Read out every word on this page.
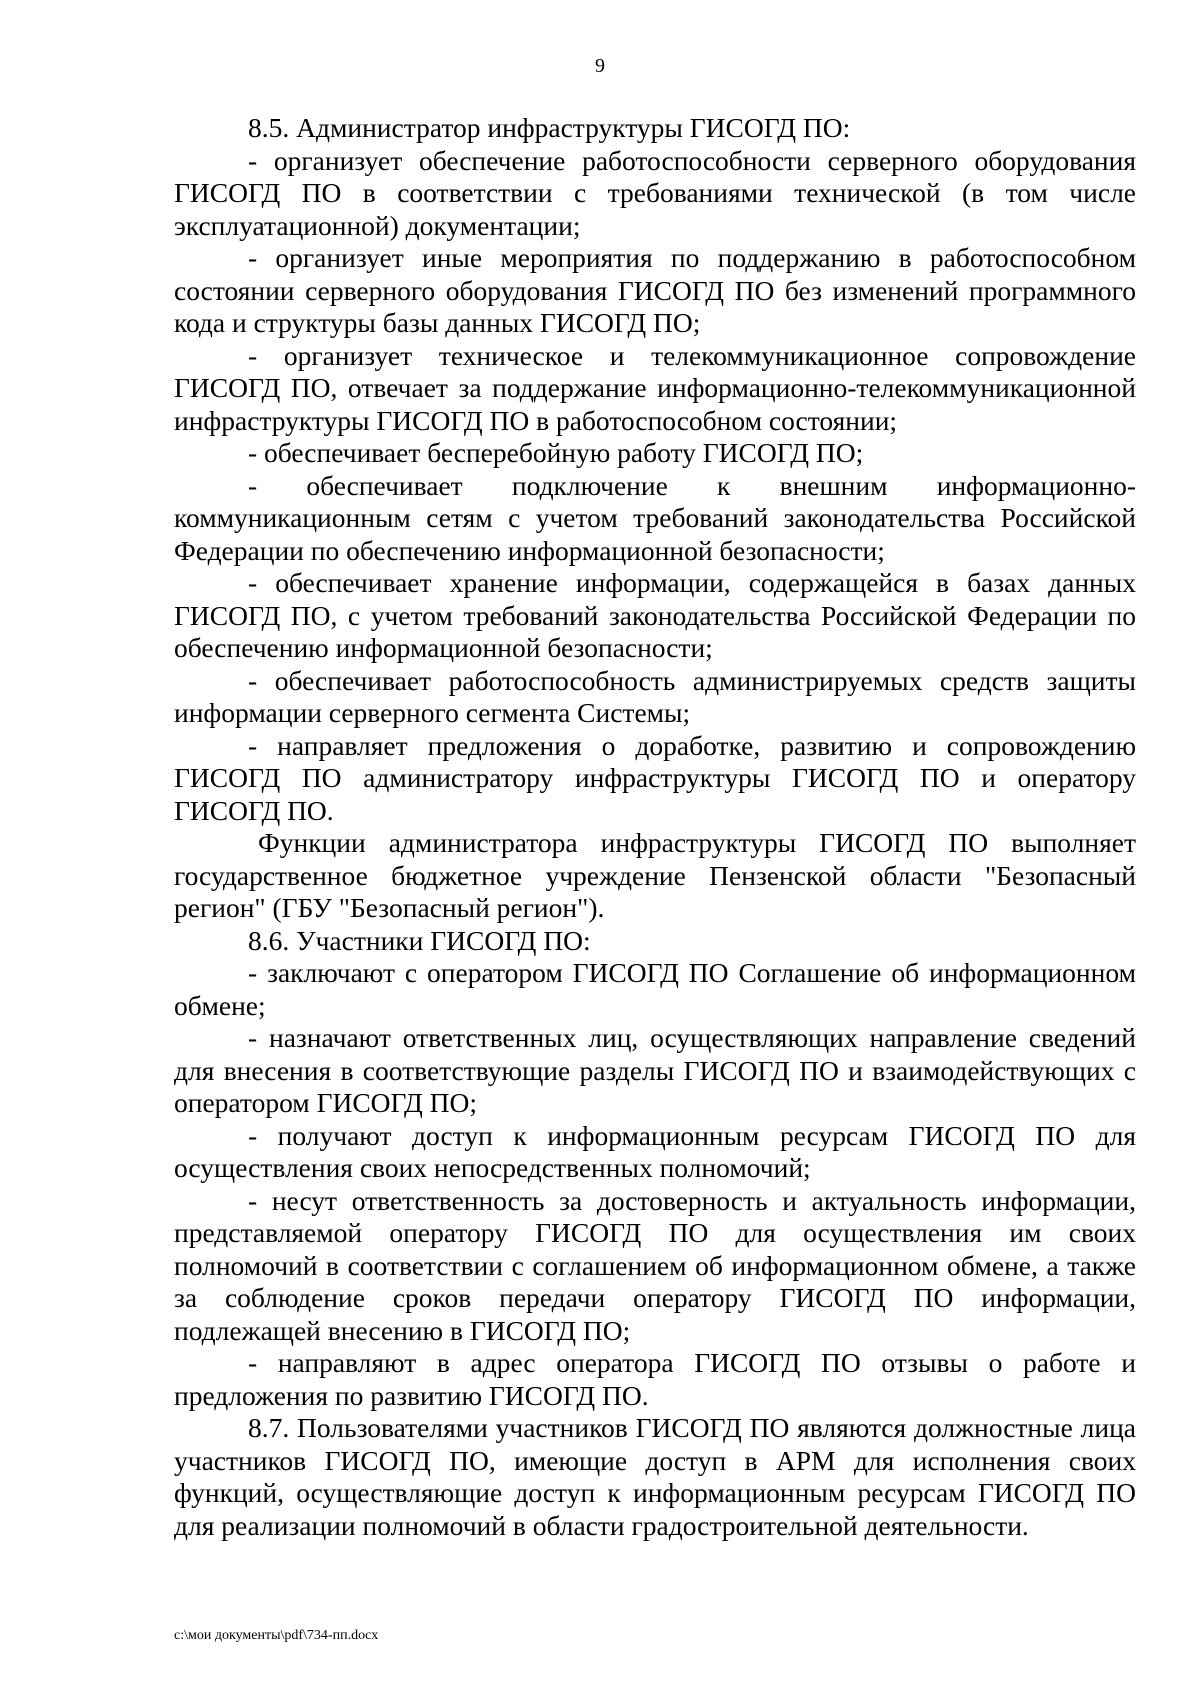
9

8.5. Администратор инфраструктуры ГИСОГД ПО:

- организует обеспечение работоспособности серверного оборудования ГИСОГД ПО в соответствии с требованиями технической (в том числе эксплуатационной) документации;

- организует иные мероприятия по поддержанию в работоспособном состоянии серверного оборудования ГИСОГД ПО без изменений программного кода и структуры базы данных ГИСОГД ПО;

- организует техническое и телекоммуникационное сопровождение ГИСОГД ПО, отвечает за поддержание информационно-телекоммуникационной инфраструктуры ГИСОГД ПО в работоспособном состоянии;

- обеспечивает бесперебойную работу ГИСОГД ПО;

- обеспечивает подключение к внешним информационно-коммуникационным сетям с учетом требований законодательства Российской Федерации по обеспечению информационной безопасности;

- обеспечивает хранение информации, содержащейся в базах данных ГИСОГД ПО, с учетом требований законодательства Российской Федерации по обеспечению информационной безопасности;

- обеспечивает работоспособность администрируемых средств защиты информации серверного сегмента Системы;

- направляет предложения о доработке, развитию и сопровождению ГИСОГД ПО администратору инфраструктуры ГИСОГД ПО и оператору ГИСОГД ПО.

Функции администратора инфраструктуры ГИСОГД ПО выполняет государственное бюджетное учреждение Пензенской области "Безопасный регион" (ГБУ "Безопасный регион").

8.6. Участники ГИСОГД ПО:

- заключают с оператором ГИСОГД ПО Соглашение об информационном обмене;

- назначают ответственных лиц, осуществляющих направление сведений для внесения в соответствующие разделы ГИСОГД ПО и взаимодействующих с оператором ГИСОГД ПО;

- получают доступ к информационным ресурсам ГИСОГД ПО для осуществления своих непосредственных полномочий;

- несут ответственность за достоверность и актуальность информации, представляемой оператору ГИСОГД ПО для осуществления им своих полномочий в соответствии с соглашением об информационном обмене, а также за соблюдение сроков передачи оператору ГИСОГД ПО информации, подлежащей внесению в ГИСОГД ПО;

- направляют в адрес оператора ГИСОГД ПО отзывы о работе и предложения по развитию ГИСОГД ПО.

8.7. Пользователями участников ГИСОГД ПО являются должностные лица участников ГИСОГД ПО, имеющие доступ в АРМ для исполнения своих функций, осуществляющие доступ к информационным ресурсам ГИСОГД ПО для реализации полномочий в области градостроительной деятельности.

c:\мои документы\pdf\734-пп.docx
